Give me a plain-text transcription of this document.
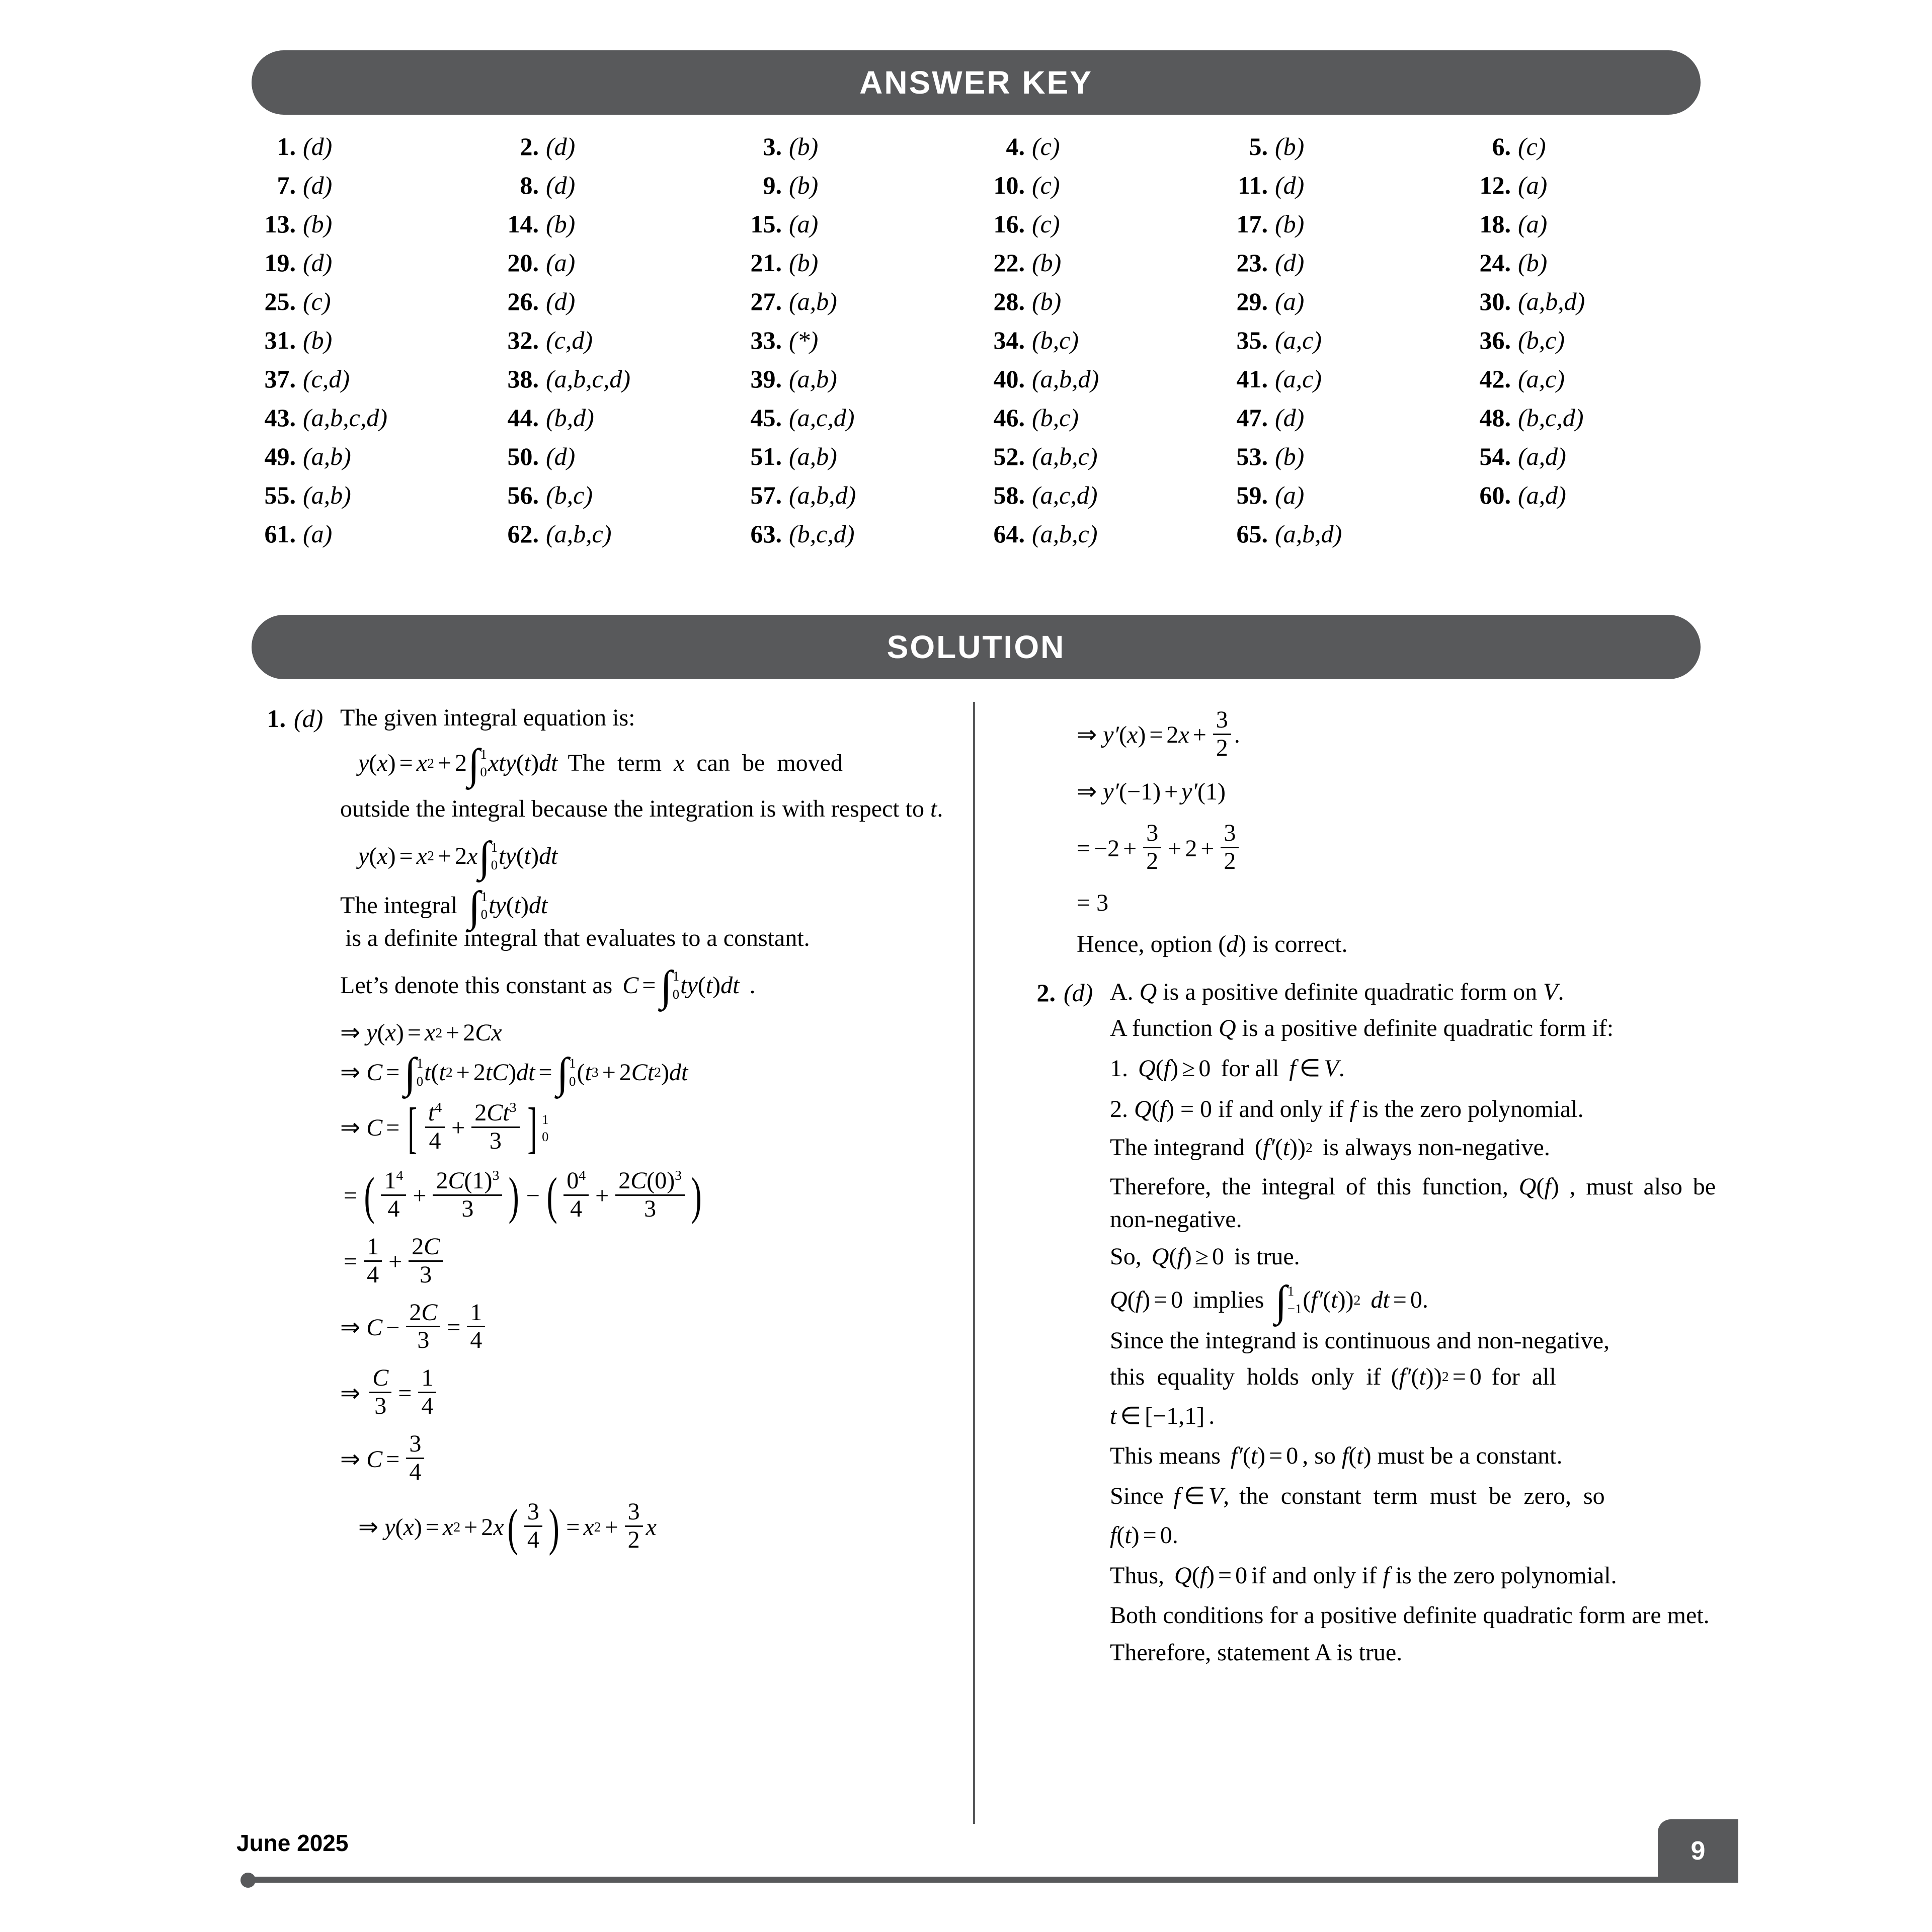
ANSWER KEY
1. (d)	2. (d)	3. (b)	4. (c)	5. (b)	6. (c)
7. (d)	8. (d)	9. (b)	10. (c)	11. (d)	12. (a)
13. (b)	14. (b)	15. (a)	16. (c)	17. (b)	18. (a)
19. (d)	20. (a)	21. (b)	22. (b)	23. (d)	24. (b)
25. (c)	26. (d)	27. (a,b)	28. (b)	29. (a)	30. (a,b,d)
31. (b)	32. (c,d)	33. (*)	34. (b,c)	35. (a,c)	36. (b,c)
37. (c,d)	38. (a,b,c,d)	39. (a,b)	40. (a,b,d)	41. (a,c)	42. (a,c)
43. (a,b,c,d)	44. (b,d)	45. (a,c,d)	46. (b,c)	47. (d)	48. (b,c,d)
49. (a,b)	50. (d)	51. (a,b)	52. (a,b,c)	53. (b)	54. (a,d)
55. (a,b)	56. (b,c)	57. (a,b,d)	58. (a,c,d)	59. (a)	60. (a,d)
61. (a)	62. (a,b,c)	63. (b,c,d)	64. (a,b,c)	65. (a,b,d)
SOLUTION
1. (d) The given integral equation is:

y ( x ) = x 2 + 2 ∫ 1
0 xty ( t ) dt The  term  x  can  be  moved

outside the integral because the integration is with respect to t.

y ( x ) = x 2 + 2 x ∫ 1
0 ty ( t ) dt
The integral ∫ 1
0 ty ( t ) dt
is a definite integral that evaluates to a constant.
Let’s denote this constant as C = ∫ 1
0 ty ( t ) dt .
⇒ y ( x ) = x 2 + 2 Cx
⇒ C = ∫ 1
0 t ( t 2 + 2 tC ) dt = ∫ 1
0 ( t 3 + 2 Ct 2 ) dt
⇒ C = [ $\frac{t^4}{4} + \frac{2Ct^3}{3}$ ] 1
0
= ( $\frac{1^4}{4} + \frac{2C(1)^3}{3}$ ) − ( $\frac{0^4}{4} + \frac{2C(0)^3}{3}$ )
= $\frac{1}{4} + \frac{2C}{3}$
⇒ $C - \frac{2C}{3} = \frac{1}{4}$
⇒ $\frac{C}{3} = \frac{1}{4}$
⇒ $C = \frac{3}{4}$
⇒ y ( x ) = x 2 + 2 x ( $\frac{3}{4}$ ) = x $2 + \frac{3}{2}$ x
⇒ y ′ ( x ) = 2 $x + \frac{3}{2}$ .
⇒ y ′ (−1) + y ′ (1)
= $-2 + \frac{3}{2} + 2 + \frac{3}{2}$
= 3

Hence, option (d) is correct.

2. (d) A. Q is a positive definite quadratic form on V.

A function Q is a positive definite quadratic form if:

1. Q ( f ) ≥ 0 for all f ∈ V .

2. Q(f) = 0 if and only if f is the zero polynomial.

The integrand ( f ′ ( t )) 2 is always non-negative.

Therefore, the integral of this function, Q(f) , must also be non-negative.

So, Q ( f ) ≥ 0 is true.
Q ( f ) = 0 implies ∫ 1
−1 ( f ′ ( t )) 2 dt = 0 .

Since the integrand is continuous and non-negative,

this  equality  holds  only  if ( f ′ ( t )) 2 = 0 for  all
t ∈ [−1,1] .
This means f ′ ( t ) = 0 , so f(t) must be a constant.
Since f ∈ V , the  constant  term  must  be  zero,  so
f ( t ) = 0 .
Thus, Q ( f ) = 0 if and only if f is the zero polynomial.

Both conditions for a positive definite quadratic form are met.

Therefore, statement A is true.

June 2025	9
